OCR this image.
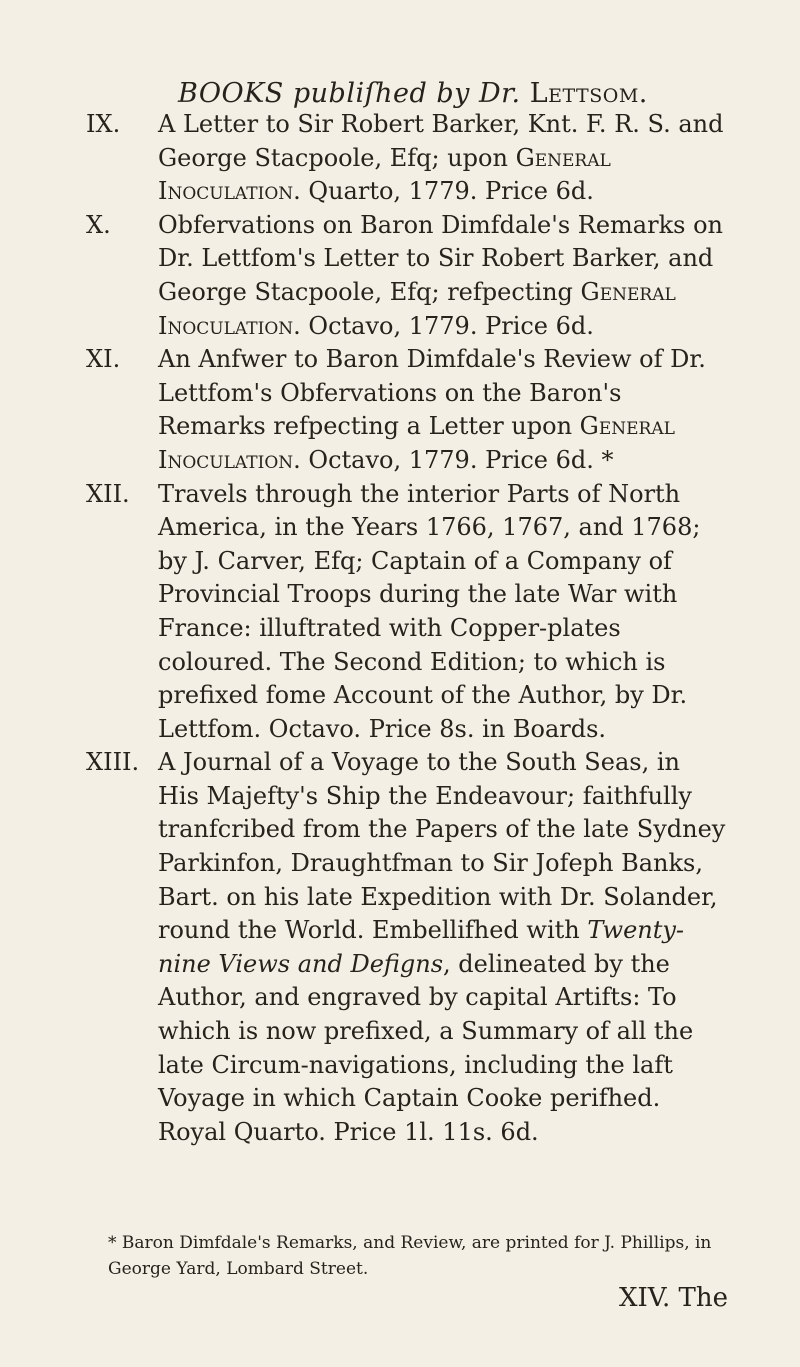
BOOKS publiſhed by Dr. Lettsom.
IX.	A Letter to Sir Robert Barker, Knt. F. R. S. and George Stacpoole, Efq; upon General Inoculation. Quarto, 1779. Price 6d.
X.	Obfervations on Baron Dimfdale's Remarks on Dr. Lettfom's Letter to Sir Robert Barker, and George Stacpoole, Efq; refpecting General Inoculation. Octavo, 1779. Price 6d.
XI.	An Anfwer to Baron Dimfdale's Review of Dr. Lettfom's Obfervations on the Baron's Remarks refpecting a Letter upon General Inoculation. Octavo, 1779. Price 6d. *
XII.	Travels through the interior Parts of North America, in the Years 1766, 1767, and 1768; by J. Carver, Efq; Captain of a Company of Provincial Troops during the late War with France: illuftrated with Copper-plates coloured. The Second Edition; to which is prefixed fome Account of the Author, by Dr. Lettfom. Octavo. Price 8s. in Boards.
XIII. A Journal of a Voyage to the South Seas, in His Majefty's Ship the Endeavour; faithfully tranfcribed from the Papers of the late Sydney Parkinfon, Draughtfman to Sir Jofeph Banks, Bart. on his late Expedition with Dr. Solander, round the World. Embellifhed with Twenty-nine Views and Defigns, delineated by the Author, and engraved by capital Artifts: To which is now prefixed, a Summary of all the late Circum-navigations, including the laft Voyage in which Captain Cooke perifhed. Royal Quarto. Price 1l. 11s. 6d.
* Baron Dimfdale's Remarks, and Review, are printed for J. Phillips, in George Yard, Lombard Street.
XIV. The
